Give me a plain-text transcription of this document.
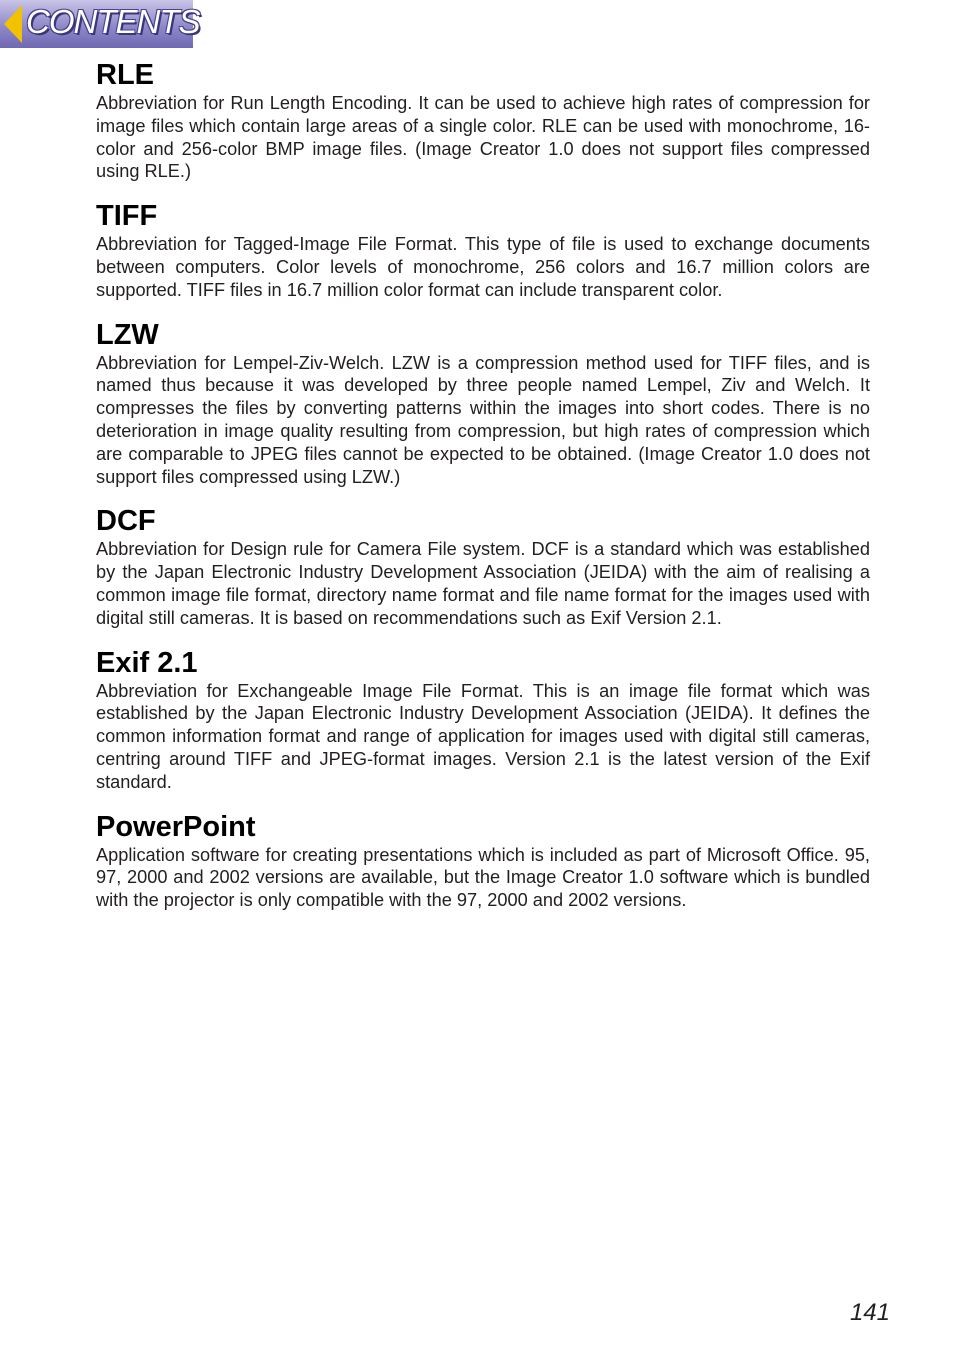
CONTENTS
RLE

Abbreviation for Run Length Encoding. It can be used to achieve high rates of compression for image files which contain large areas of a single color. RLE can be used with monochrome, 16-color and 256-color BMP image files. (Image Creator 1.0 does not support files compressed using RLE.)

TIFF

Abbreviation for Tagged-Image File Format. This type of file is used to exchange documents between computers. Color levels of monochrome, 256 colors and 16.7 million colors are supported. TIFF files in 16.7 million color format can include transparent color.

LZW

Abbreviation for Lempel-Ziv-Welch. LZW is a compression method used for TIFF files, and is named thus because it was developed by three people named Lempel, Ziv and Welch. It compresses the files by converting patterns within the images into short codes. There is no deterioration in image quality resulting from compression, but high rates of compression which are comparable to JPEG files cannot be expected to be obtained. (Image Creator 1.0 does not support files compressed using LZW.)

DCF

Abbreviation for Design rule for Camera File system. DCF is a standard which was established by the Japan Electronic Industry Development Association (JEIDA) with the aim of realising a common image file format, directory name format and file name format for the images used with digital still cameras. It is based on recommendations such as Exif Version 2.1.

Exif 2.1

Abbreviation for Exchangeable Image File Format. This is an image file format which was established by the Japan Electronic Industry Development Association (JEIDA). It defines the common information format and range of application for images used with digital still cameras, centring around TIFF and JPEG-format images. Version 2.1 is the latest version of the Exif standard.

PowerPoint

Application software for creating presentations which is included as part of Microsoft Office. 95, 97, 2000 and 2002 versions are available, but the Image Creator 1.0 software which is bundled with the projector is only compatible with the 97, 2000 and 2002 versions.

141
